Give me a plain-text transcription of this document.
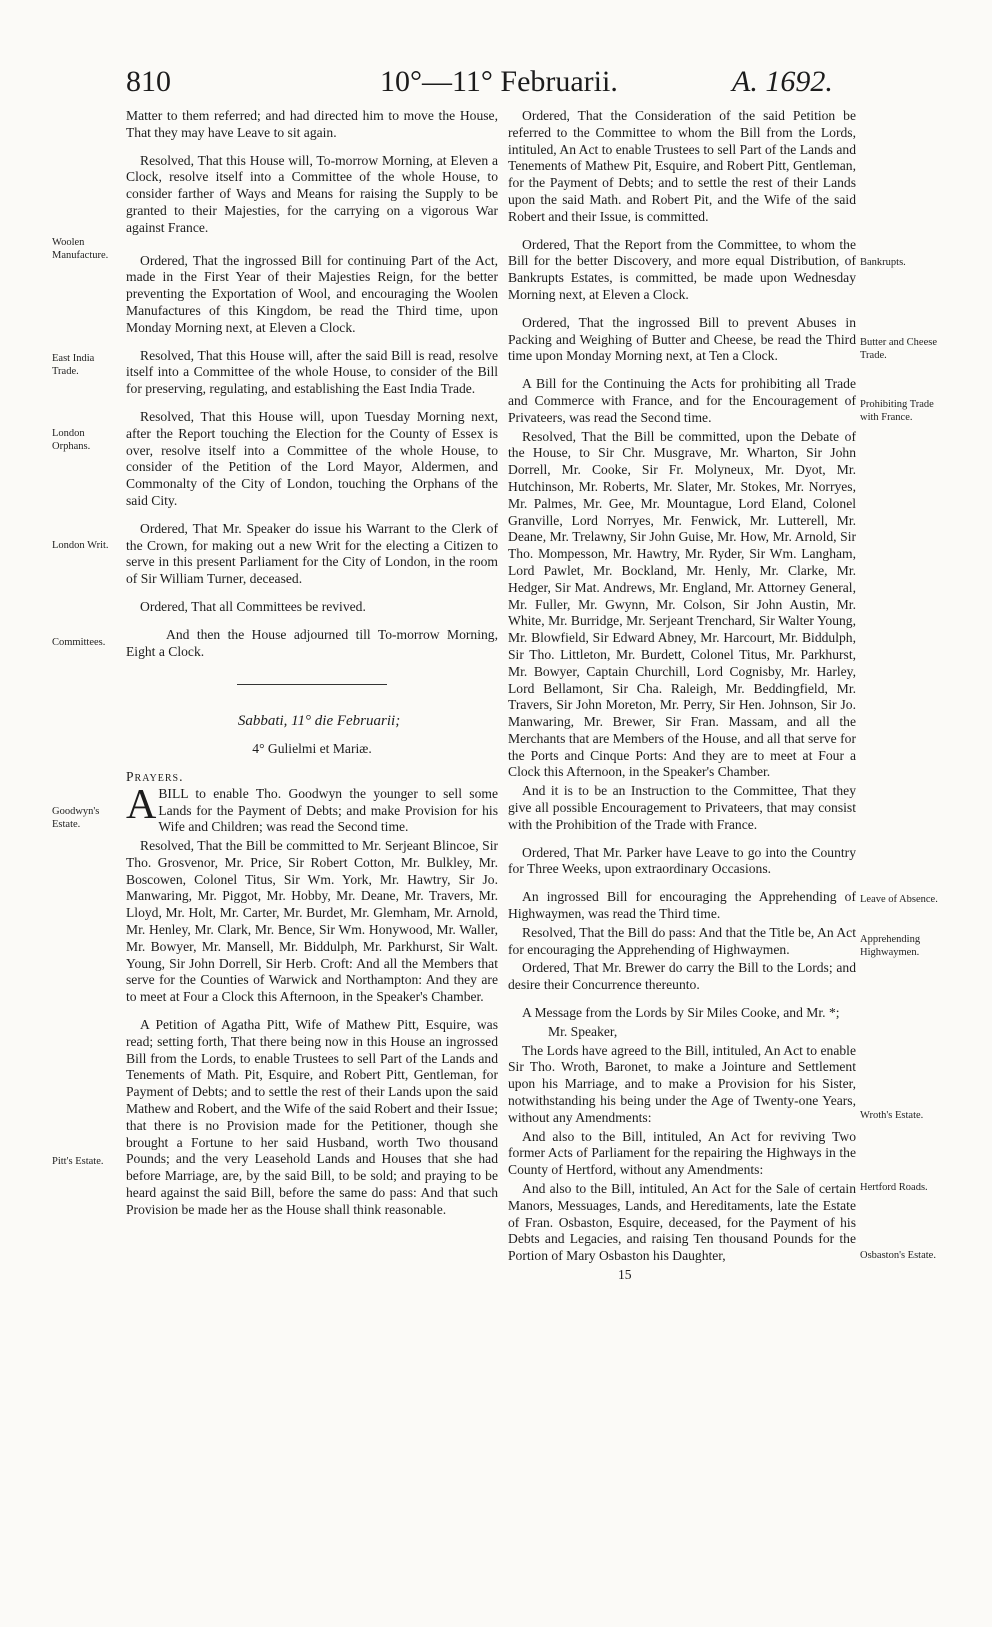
810	10°—11° Februarii.	A. 1692.

Matter to them referred; and had directed him to move the House, That they may have Leave to sit again.

Resolved, That this House will, To-morrow Morning, at Eleven a Clock, resolve itself into a Committee of the whole House, to consider farther of Ways and Means for raising the Supply to be granted to their Majesties, for the carrying on a vigorous War against France.

Ordered, That the ingrossed Bill for continuing Part of the Act, made in the First Year of their Majesties Reign, for the better preventing the Exportation of Wool, and encouraging the Woolen Manufactures of this Kingdom, be read the Third time, upon Monday Morning next, at Eleven a Clock.

Resolved, That this House will, after the said Bill is read, resolve itself into a Committee of the whole House, to consider of the Bill for preserving, regulating, and establishing the East India Trade.

Resolved, That this House will, upon Tuesday Morning next, after the Report touching the Election for the County of Essex is over, resolve itself into a Committee of the whole House, to consider of the Petition of the Lord Mayor, Aldermen, and Commonalty of the City of London, touching the Orphans of the said City.

Ordered, That Mr. Speaker do issue his Warrant to the Clerk of the Crown, for making out a new Writ for the electing a Citizen to serve in this present Parliament for the City of London, in the room of Sir William Turner, deceased.

Ordered, That all Committees be revived.

And then the House adjourned till To-morrow Morning, Eight a Clock.

Sabbati, 11° die Februarii;

4° Gulielmi et Mariæ.

Prayers.

ABILL to enable Tho. Goodwyn the younger to sell some Lands for the Payment of Debts; and make Provision for his Wife and Children; was read the Second time.

Resolved, That the Bill be committed to Mr. Serjeant Blincoe, Sir Tho. Grosvenor, Mr. Price, Sir Robert Cotton, Mr. Bulkley, Mr. Boscowen, Colonel Titus, Sir Wm. York, Mr. Hawtry, Sir Jo. Manwaring, Mr. Piggot, Mr. Hobby, Mr. Deane, Mr. Travers, Mr. Lloyd, Mr. Holt, Mr. Carter, Mr. Burdet, Mr. Glemham, Mr. Arnold, Mr. Henley, Mr. Clark, Mr. Bence, Sir Wm. Honywood, Mr. Waller, Mr. Bowyer, Mr. Mansell, Mr. Biddulph, Mr. Parkhurst, Sir Walt. Young, Sir John Dorrell, Sir Herb. Croft: And all the Members that serve for the Counties of Warwick and Northampton: And they are to meet at Four a Clock this Afternoon, in the Speaker's Chamber.

A Petition of Agatha Pitt, Wife of Mathew Pitt, Esquire, was read; setting forth, That there being now in this House an ingrossed Bill from the Lords, to enable Trustees to sell Part of the Lands and Tenements of Math. Pit, Esquire, and Robert Pitt, Gentleman, for Payment of Debts; and to settle the rest of their Lands upon the said Mathew and Robert, and the Wife of the said Robert and their Issue; that there is no Provision made for the Petitioner, though she brought a Fortune to her said Husband, worth Two thousand Pounds; and the very Leasehold Lands and Houses that she had before Marriage, are, by the said Bill, to be sold; and praying to be heard against the said Bill, before the same do pass: And that such Provision be made her as the House shall think reasonable.

Ordered, That the Consideration of the said Petition be referred to the Committee to whom the Bill from the Lords, intituled, An Act to enable Trustees to sell Part of the Lands and Tenements of Mathew Pit, Esquire, and Robert Pitt, Gentleman, for the Payment of Debts; and to settle the rest of their Lands upon the said Math. and Robert Pit, and the Wife of the said Robert and their Issue, is committed.

Ordered, That the Report from the Committee, to whom the Bill for the better Discovery, and more equal Distribution, of Bankrupts Estates, is committed, be made upon Wednesday Morning next, at Eleven a Clock.

Ordered, That the ingrossed Bill to prevent Abuses in Packing and Weighing of Butter and Cheese, be read the Third time upon Monday Morning next, at Ten a Clock.

A Bill for the Continuing the Acts for prohibiting all Trade and Commerce with France, and for the Encouragement of Privateers, was read the Second time.

Resolved, That the Bill be committed, upon the Debate of the House, to Sir Chr. Musgrave, Mr. Wharton, Sir John Dorrell, Mr. Cooke, Sir Fr. Molyneux, Mr. Dyot, Mr. Hutchinson, Mr. Roberts, Mr. Slater, Mr. Stokes, Mr. Norryes, Mr. Palmes, Mr. Gee, Mr. Mountague, Lord Eland, Colonel Granville, Lord Norryes, Mr. Fenwick, Mr. Lutterell, Mr. Deane, Mr. Trelawny, Sir John Guise, Mr. How, Mr. Arnold, Sir Tho. Mompesson, Mr. Hawtry, Mr. Ryder, Sir Wm. Langham, Lord Pawlet, Mr. Bockland, Mr. Henly, Mr. Clarke, Mr. Hedger, Sir Mat. Andrews, Mr. England, Mr. Attorney General, Mr. Fuller, Mr. Gwynn, Mr. Colson, Sir John Austin, Mr. White, Mr. Burridge, Mr. Serjeant Trenchard, Sir Walter Young, Mr. Blowfield, Sir Edward Abney, Mr. Harcourt, Mr. Biddulph, Sir Tho. Littleton, Mr. Burdett, Colonel Titus, Mr. Parkhurst, Mr. Bowyer, Captain Churchill, Lord Cognisby, Mr. Harley, Lord Bellamont, Sir Cha. Raleigh, Mr. Beddingfield, Mr. Travers, Sir John Moreton, Mr. Perry, Sir Hen. Johnson, Sir Jo. Manwaring, Mr. Brewer, Sir Fran. Massam, and all the Merchants that are Members of the House, and all that serve for the Ports and Cinque Ports: And they are to meet at Four a Clock this Afternoon, in the Speaker's Chamber.

And it is to be an Instruction to the Committee, That they give all possible Encouragement to Privateers, that may consist with the Prohibition of the Trade with France.

Ordered, That Mr. Parker have Leave to go into the Country for Three Weeks, upon extraordinary Occasions.

An ingrossed Bill for encouraging the Apprehending of Highwaymen, was read the Third time.

Resolved, That the Bill do pass: And that the Title be, An Act for encouraging the Apprehending of Highwaymen.

Ordered, That Mr. Brewer do carry the Bill to the Lords; and desire their Concurrence thereunto.

A Message from the Lords by Sir Miles Cooke, and Mr. *;

Mr. Speaker,

The Lords have agreed to the Bill, intituled, An Act to enable Sir Tho. Wroth, Baronet, to make a Jointure and Settlement upon his Marriage, and to make a Provision for his Sister, notwithstanding his being under the Age of Twenty-one Years, without any Amendments:

And also to the Bill, intituled, An Act for reviving Two former Acts of Parliament for the repairing the Highways in the County of Hertford, without any Amendments:

And also to the Bill, intituled, An Act for the Sale of certain Manors, Messuages, Lands, and Hereditaments, late the Estate of Fran. Osbaston, Esquire, deceased, for the Payment of his Debts and Legacies, and raising Ten thousand Pounds for the Portion of Mary Osbaston his Daughter,

15

Woolen Manufacture.
East India Trade.
London Orphans.
London Writ.
Committees.
Goodwyn's Estate.
Pitt's Estate.
Bankrupts.
Butter and Cheese Trade.
Prohibiting Trade with France.
Leave of Absence.
Apprehending Highwaymen.
Wroth's Estate.
Hertford Roads.
Osbaston's Estate.
